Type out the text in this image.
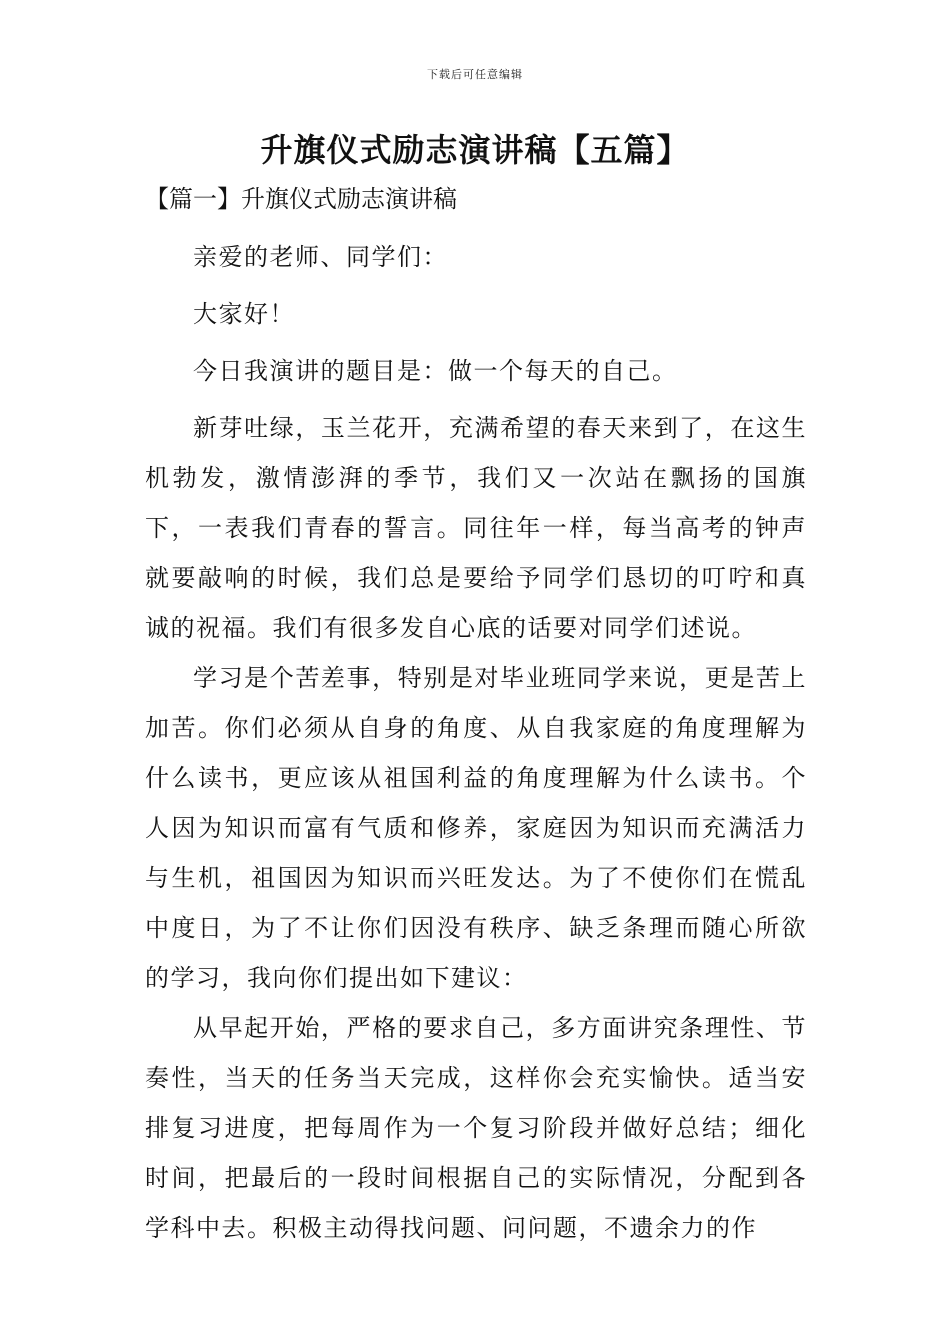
下载后可任意编辑
升旗仪式励志演讲稿【五篇】
【篇一】升旗仪式励志演讲稿

亲爱的老师、同学们：

大家好！

今日我演讲的题目是：做一个每天的自己。

新芽吐绿，玉兰花开，充满希望的春天来到了，在这生机勃发，激情澎湃的季节，我们又一次站在飘扬的国旗下，一表我们青春的誓言。同往年一样，每当高考的钟声就要敲响的时候，我们总是要给予同学们恳切的叮咛和真诚的祝福。我们有很多发自心底的话要对同学们述说。

学习是个苦差事，特别是对毕业班同学来说，更是苦上加苦。你们必须从自身的角度、从自我家庭的角度理解为什么读书，更应该从祖国利益的角度理解为什么读书。个人因为知识而富有气质和修养，家庭因为知识而充满活力与生机，祖国因为知识而兴旺发达。为了不使你们在慌乱中度日，为了不让你们因没有秩序、缺乏条理而随心所欲的学习，我向你们提出如下建议：

从早起开始，严格的要求自己，多方面讲究条理性、节奏性，当天的任务当天完成，这样你会充实愉快。适当安排复习进度，把每周作为一个复习阶段并做好总结；细化时间，把最后的一段时间根据自己的实际情况，分配到各学科中去。积极主动得找问题、问问题，不遗余力的作
